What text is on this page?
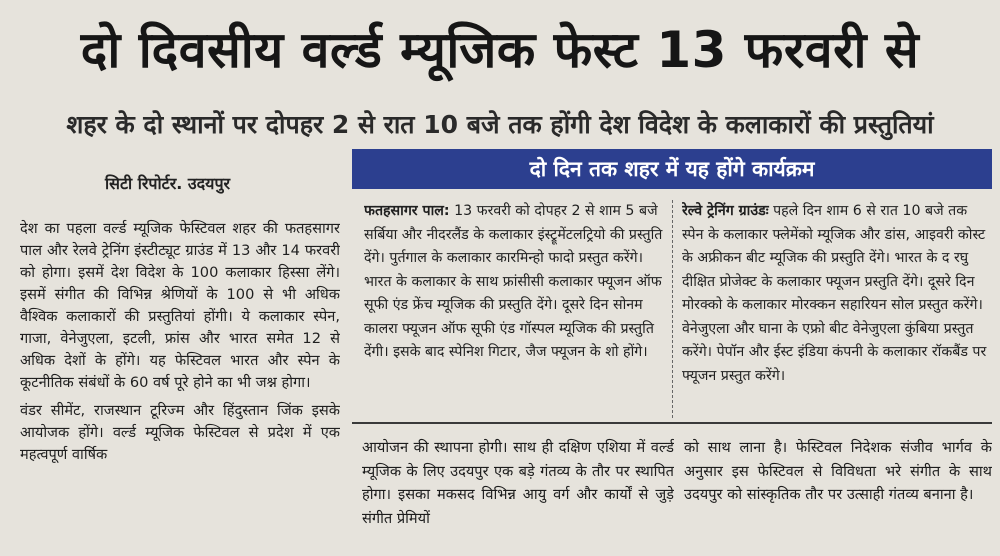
दो दिवसीय वर्ल्ड म्यूजिक फेस्ट 13 फरवरी से
शहर के दो स्थानों पर दोपहर 2 से रात 10 बजे तक होंगी देश विदेश के कलाकारों की प्रस्तुतियां
सिटी रिपोर्टर. उदयपुर
दो दिन तक शहर में यह होंगे कार्यक्रम

देश का पहला वर्ल्ड म्यूजिक फेस्टिवल शहर की फतहसागर पाल और रेलवे ट्रेनिंग इंस्टीट्यूट ग्राउंड में 13 और 14 फरवरी को होगा। इसमें देश विदेश के 100 कलाकार हिस्सा लेंगे। इसमें संगीत की विभिन्न श्रेणियों के 100 से भी अधिक वैश्विक कलाकारों की प्रस्तुतियां होंगी। ये कलाकार स्पेन, गाजा, वेनेजुएला, इटली, फ्रांस और भारत समेत 12 से अधिक देशों के होंगे। यह फेस्टिवल भारत और स्पेन के कूटनीतिक संबंधों के 60 वर्ष पूरे होने का भी जश्न होगा।

वंडर सीमेंट, राजस्थान टूरिज्म और हिंदुस्तान जिंक इसके आयोजक होंगे। वर्ल्ड म्यूजिक फेस्टिवल से प्रदेश में एक महत्वपूर्ण वार्षिक

फतहसागर पाल: 13 फरवरी को दोपहर 2 से शाम 5 बजे सर्बिया और नीदरलैंड के कलाकार इंस्ट्रूमेंटलट्रियो की प्रस्तुति देंगे। पुर्तगाल के कलाकार कारमिन्हो फादो प्रस्तुत करेंगे। भारत के कलाकार के साथ फ्रांसीसी कलाकार फ्यूजन ऑफ सूफी एंड फ्रेंच म्यूजिक की प्रस्तुति देंगे। दूसरे दिन सोनम कालरा फ्यूजन ऑफ सूफी एंड गॉस्पल म्यूजिक की प्रस्तुति देंगी। इसके बाद स्पेनिश गिटार, जैज फ्यूजन के शो होंगे।
रेल्वे ट्रेनिंग ग्राउंडः पहले दिन शाम 6 से रात 10 बजे तक स्पेन के कलाकार फ्लेमेंको म्यूजिक और डांस, आइवरी कोस्ट के अफ्रीकन बीट म्यूजिक की प्रस्तुति देंगे। भारत के द रघु दीक्षित प्रोजेक्ट के कलाकार फ्यूजन प्रस्तुति देंगे। दूसरे दिन मोरक्को के कलाकार मोरक्कन सहारियन सोल प्रस्तुत करेंगे। वेनेजुएला और घाना के एफ्रो बीट वेनेजुएला कुंबिया प्रस्तुत करेंगे। पेपॉन और ईस्ट इंडिया कंपनी के कलाकार रॉकबैंड पर फ्यूजन प्रस्तुत करेंगे।

आयोजन की स्थापना होगी। साथ ही दक्षिण एशिया में वर्ल्ड म्यूजिक के लिए उदयपुर एक बड़े गंतव्य के तौर पर स्थापित होगा। इसका मकसद विभिन्न आयु वर्ग और कार्यों से जुड़े संगीत प्रेमियों

को साथ लाना है। फेस्टिवल निदेशक संजीव भार्गव के अनुसार इस फेस्टिवल से विविधता भरे संगीत के साथ उदयपुर को सांस्कृतिक तौर पर उत्साही गंतव्य बनाना है।
